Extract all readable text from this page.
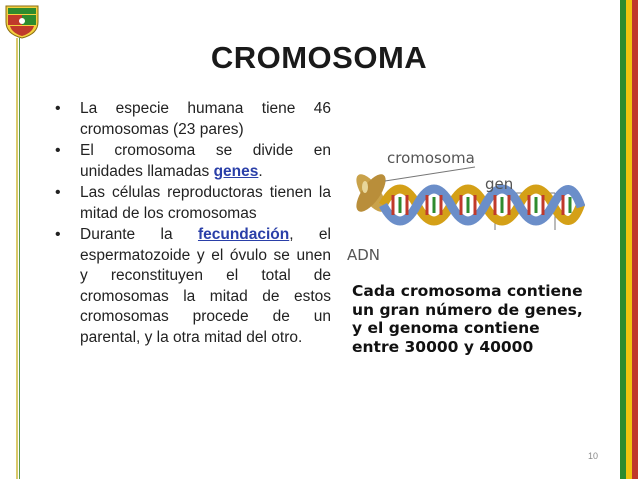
CROMOSOMA
• La especie humana tiene 46 cromosomas (23 pares)
• El cromosoma se divide en unidades llamadas genes.
• Las células reproductoras tienen la mitad de los cromosomas
• Durante la fecundación, el espermatozoide y el óvulo se unen y reconstituyen el total de cromosomas la mitad de estos cromosomas procede de un parental, y la otra mitad del otro.
cromosoma
gen
ADN
Cada cromosoma contiene un gran número de genes, y el genoma contiene entre 30000 y 40000
10
